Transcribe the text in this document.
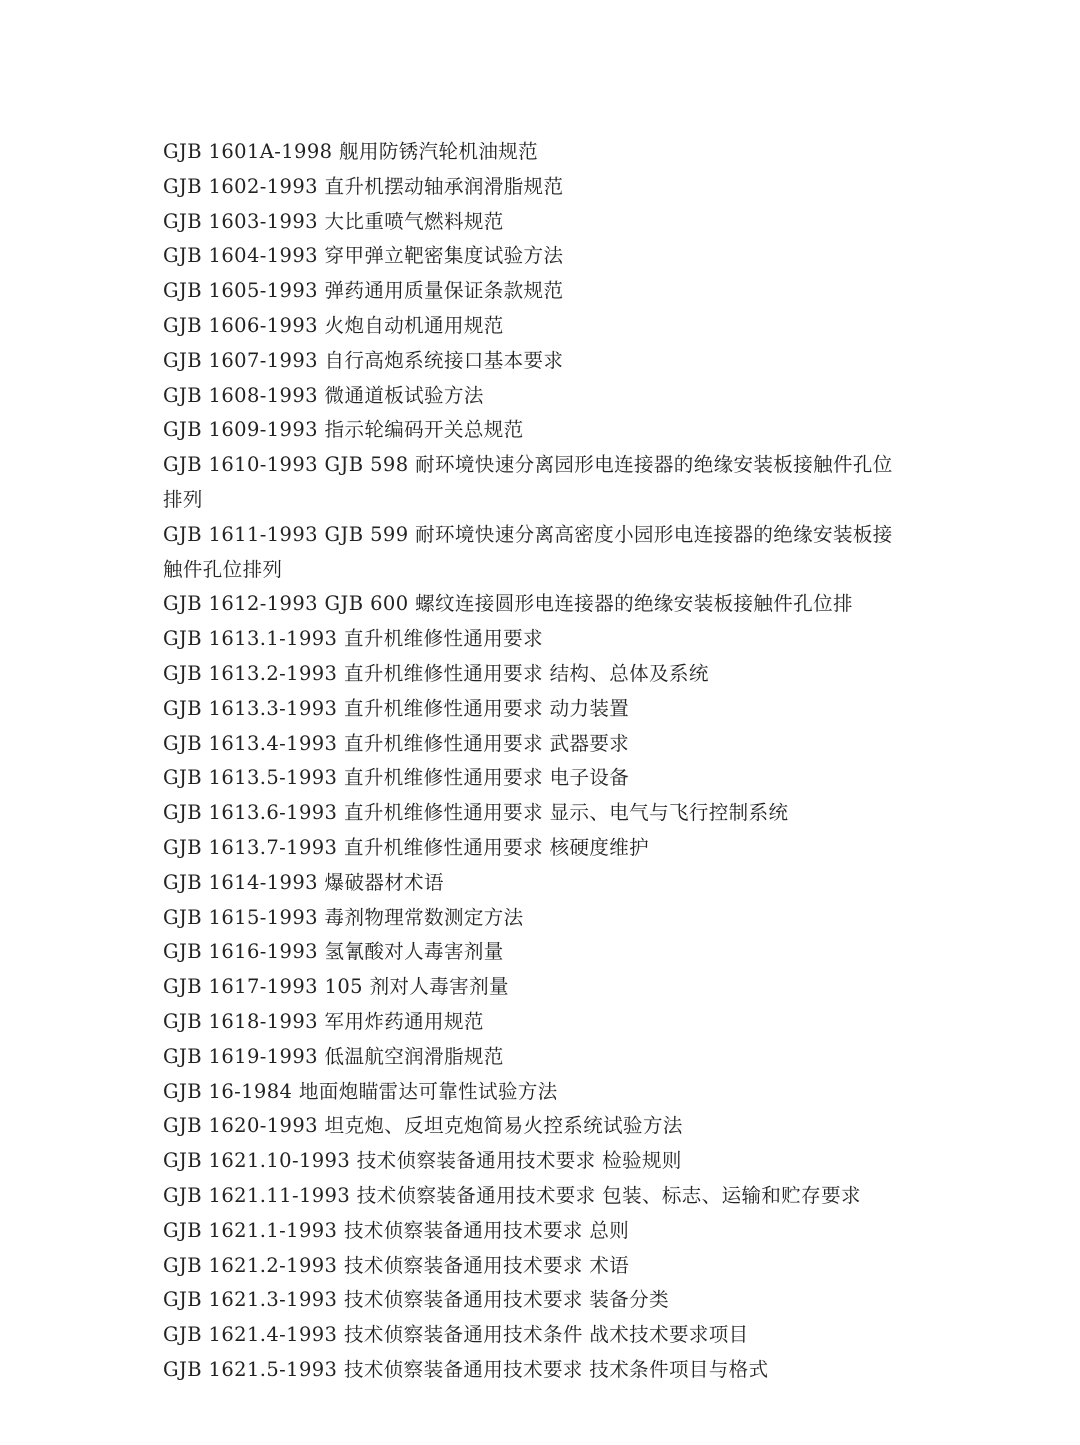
GJB 1601A-1998 舰用防锈汽轮机油规范
GJB 1602-1993 直升机摆动轴承润滑脂规范
GJB 1603-1993 大比重喷气燃料规范
GJB 1604-1993 穿甲弹立靶密集度试验方法
GJB 1605-1993 弹药通用质量保证条款规范
GJB 1606-1993 火炮自动机通用规范
GJB 1607-1993 自行高炮系统接口基本要求
GJB 1608-1993 微通道板试验方法
GJB 1609-1993 指示轮编码开关总规范
GJB 1610-1993 GJB 598 耐环境快速分离园形电连接器的绝缘安装板接触件孔位
排列
GJB 1611-1993 GJB 599 耐环境快速分离高密度小园形电连接器的绝缘安装板接
触件孔位排列
GJB 1612-1993 GJB 600 螺纹连接圆形电连接器的绝缘安装板接触件孔位排
GJB 1613.1-1993 直升机维修性通用要求
GJB 1613.2-1993 直升机维修性通用要求 结构、总体及系统
GJB 1613.3-1993 直升机维修性通用要求 动力装置
GJB 1613.4-1993 直升机维修性通用要求 武器要求
GJB 1613.5-1993 直升机维修性通用要求 电子设备
GJB 1613.6-1993 直升机维修性通用要求 显示、电气与飞行控制系统
GJB 1613.7-1993 直升机维修性通用要求 核硬度维护
GJB 1614-1993 爆破器材术语
GJB 1615-1993 毒剂物理常数测定方法
GJB 1616-1993 氢氰酸对人毒害剂量
GJB 1617-1993 105 剂对人毒害剂量
GJB 1618-1993 军用炸药通用规范
GJB 1619-1993 低温航空润滑脂规范
GJB 16-1984 地面炮瞄雷达可靠性试验方法
GJB 1620-1993 坦克炮、反坦克炮简易火控系统试验方法
GJB 1621.10-1993 技术侦察装备通用技术要求 检验规则
GJB 1621.11-1993 技术侦察装备通用技术要求 包装、标志、运输和贮存要求
GJB 1621.1-1993 技术侦察装备通用技术要求 总则
GJB 1621.2-1993 技术侦察装备通用技术要求 术语
GJB 1621.3-1993 技术侦察装备通用技术要求 装备分类
GJB 1621.4-1993 技术侦察装备通用技术条件 战术技术要求项目
GJB 1621.5-1993 技术侦察装备通用技术要求 技术条件项目与格式
